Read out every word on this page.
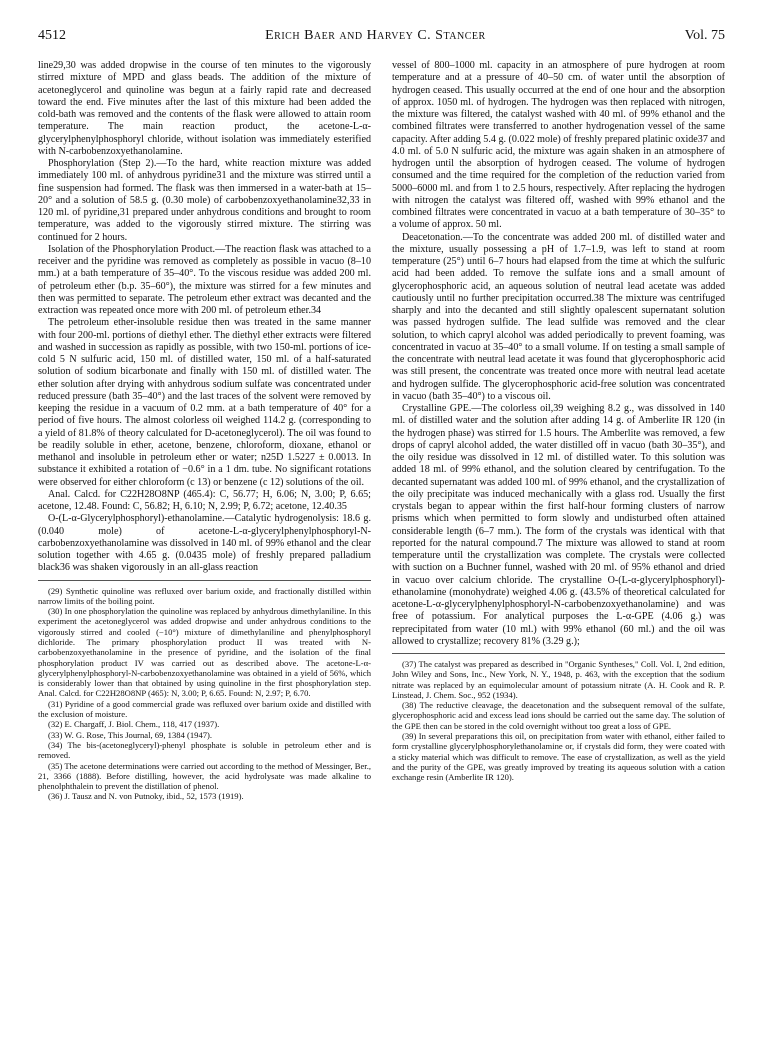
4512	Erich Baer and Harvey C. Stancer	Vol. 75

line29,30 was added dropwise in the course of ten minutes to the vigorously stirred mixture of MPD and glass beads. The addition of the mixture of acetoneglycerol and quinoline was begun at a fairly rapid rate and decreased toward the end. Five minutes after the last of this mixture had been added the cold-bath was removed and the contents of the flask were allowed to attain room temperature. The main reaction product, the acetone-L-α-glycerylphenylphosphoryl chloride, without isolation was immediately esterified with N-carbobenzoxyethanolamine.

Phosphorylation (Step 2).—To the hard, white reaction mixture was added immediately 100 ml. of anhydrous pyridine31 and the mixture was stirred until a fine suspension had formed. The flask was then immersed in a water-bath at 15–20° and a solution of 58.5 g. (0.30 mole) of carbobenzoxyethanolamine32,33 in 120 ml. of pyridine,31 prepared under anhydrous conditions and brought to room temperature, was added to the vigorously stirred mixture. The stirring was continued for 2 hours.

Isolation of the Phosphorylation Product.—The reaction flask was attached to a receiver and the pyridine was removed as completely as possible in vacuo (8–10 mm.) at a bath temperature of 35–40°. To the viscous residue was added 200 ml. of petroleum ether (b.p. 35–60°), the mixture was stirred for a few minutes and then was permitted to separate. The petroleum ether extract was decanted and the extraction was repeated once more with 200 ml. of petroleum ether.34

The petroleum ether-insoluble residue then was treated in the same manner with four 200-ml. portions of diethyl ether. The diethyl ether extracts were filtered and washed in succession as rapidly as possible, with two 150-ml. portions of ice-cold 5 N sulfuric acid, 150 ml. of distilled water, 150 ml. of a half-saturated solution of sodium bicarbonate and finally with 150 ml. of distilled water. The ether solution after drying with anhydrous sodium sulfate was concentrated under reduced pressure (bath 35–40°) and the last traces of the solvent were removed by keeping the residue in a vacuum of 0.2 mm. at a bath temperature of 40° for a period of five hours. The almost colorless oil weighed 114.2 g. (corresponding to a yield of 81.8% of theory calculated for D-acetoneglycerol). The oil was found to be readily soluble in ether, acetone, benzene, chloroform, dioxane, ethanol or methanol and insoluble in petroleum ether or water; n25D 1.5227 ± 0.0013. In substance it exhibited a rotation of −0.6° in a 1 dm. tube. No significant rotations were observed for either chloroform (c 13) or benzene (c 12) solutions of the oil.

Anal. Calcd. for C22H28O8NP (465.4): C, 56.77; H, 6.06; N, 3.00; P, 6.65; acetone, 12.48. Found: C, 56.82; H, 6.10; N, 2.99; P, 6.72; acetone, 12.40.35

O-(L-α-Glycerylphosphoryl)-ethanolamine.—Catalytic hydrogenolysis: 18.6 g. (0.040 mole) of acetone-L-α-glycerylphenylphosphoryl-N-carbobenzoxyethanolamine was dissolved in 140 ml. of 99% ethanol and the clear solution together with 4.65 g. (0.0435 mole) of freshly prepared palladium black36 was shaken vigorously in an all-glass reaction

(29) Synthetic quinoline was refluxed over barium oxide, and fractionally distilled within narrow limits of the boiling point.

(30) In one phosphorylation the quinoline was replaced by anhydrous dimethylaniline. In this experiment the acetoneglycerol was added dropwise and under anhydrous conditions to the vigorously stirred and cooled (−10°) mixture of dimethylaniline and phenylphosphoryl dichloride. The primary phosphorylation product II was treated with N-carbobenzoxyethanolamine in the presence of pyridine, and the isolation of the final phosphorylation product IV was carried out as described above. The acetone-L-α-glycerylphenylphosphoryl-N-carbobenzoxyethanolamine was obtained in a yield of 56%, which is considerably lower than that obtained by using quinoline in the first phosphorylation step. Anal. Calcd. for C22H28O8NP (465): N, 3.00; P, 6.65. Found: N, 2.97; P, 6.70.

(31) Pyridine of a good commercial grade was refluxed over barium oxide and distilled with the exclusion of moisture.

(32) E. Chargaff, J. Biol. Chem., 118, 417 (1937).

(33) W. G. Rose, This Journal, 69, 1384 (1947).

(34) The bis-(acetoneglyceryl)-phenyl phosphate is soluble in petroleum ether and is removed.

(35) The acetone determinations were carried out according to the method of Messinger, Ber., 21, 3366 (1888). Before distilling, however, the acid hydrolysate was made alkaline to phenolphthalein to prevent the distillation of phenol.

(36) J. Tausz and N. von Putnoky, ibid., 52, 1573 (1919).

vessel of 800–1000 ml. capacity in an atmosphere of pure hydrogen at room temperature and at a pressure of 40–50 cm. of water until the absorption of hydrogen ceased. This usually occurred at the end of one hour and the absorption of approx. 1050 ml. of hydrogen. The hydrogen was then replaced with nitrogen, the mixture was filtered, the catalyst washed with 40 ml. of 99% ethanol and the combined filtrates were transferred to another hydrogenation vessel of the same capacity. After adding 5.4 g. (0.022 mole) of freshly prepared platinic oxide37 and 4.0 ml. of 5.0 N sulfuric acid, the mixture was again shaken in an atmosphere of hydrogen until the absorption of hydrogen ceased. The volume of hydrogen consumed and the time required for the completion of the reduction varied from 5000–6000 ml. and from 1 to 2.5 hours, respectively. After replacing the hydrogen with nitrogen the catalyst was filtered off, washed with 99% ethanol and the combined filtrates were concentrated in vacuo at a bath temperature of 30–35° to a volume of approx. 50 ml.

Deacetonation.—To the concentrate was added 200 ml. of distilled water and the mixture, usually possessing a pH of 1.7–1.9, was left to stand at room temperature (25°) until 6–7 hours had elapsed from the time at which the sulfuric acid had been added. To remove the sulfate ions and a small amount of glycerophosphoric acid, an aqueous solution of neutral lead acetate was added cautiously until no further precipitation occurred.38 The mixture was centrifuged sharply and into the decanted and still slightly opalescent supernatant solution was passed hydrogen sulfide. The lead sulfide was removed and the clear solution, to which capryl alcohol was added periodically to prevent foaming, was concentrated in vacuo at 35–40° to a small volume. If on testing a small sample of the concentrate with neutral lead acetate it was found that glycerophosphoric acid was still present, the concentrate was treated once more with neutral lead acetate and hydrogen sulfide. The glycerophosphoric acid-free solution was concentrated in vacuo (bath 35–40°) to a viscous oil.

Crystalline GPE.—The colorless oil,39 weighing 8.2 g., was dissolved in 140 ml. of distilled water and the solution after adding 14 g. of Amberlite IR 120 (in the hydrogen phase) was stirred for 1.5 hours. The Amberlite was removed, a few drops of capryl alcohol added, the water distilled off in vacuo (bath 30–35°), and the oily residue was dissolved in 12 ml. of distilled water. To this solution was added 18 ml. of 99% ethanol, and the solution cleared by centrifugation. To the decanted supernatant was added 100 ml. of 99% ethanol, and the crystallization of the oily precipitate was induced mechanically with a glass rod. Usually the first crystals began to appear within the first half-hour forming clusters of narrow prisms which when permitted to form slowly and undisturbed often attained considerable length (6–7 mm.). The form of the crystals was identical with that reported for the natural compound.7 The mixture was allowed to stand at room temperature until the crystallization was complete. The crystals were collected with suction on a Buchner funnel, washed with 20 ml. of 95% ethanol and dried in vacuo over calcium chloride. The crystalline O-(L-α-glycerylphosphoryl)-ethanolamine (monohydrate) weighed 4.06 g. (43.5% of theoretical calculated for acetone-L-α-glycerylphenylphosphoryl-N-carbobenzoxyethanolamine) and was free of potassium. For analytical purposes the L-α-GPE (4.06 g.) was reprecipitated from water (10 ml.) with 99% ethanol (60 ml.) and the oil was allowed to crystallize; recovery 81% (3.29 g.);

(37) The catalyst was prepared as described in "Organic Syntheses," Coll. Vol. I, 2nd edition, John Wiley and Sons, Inc., New York, N. Y., 1948, p. 463, with the exception that the sodium nitrate was replaced by an equimolecular amount of potassium nitrate (A. H. Cook and R. P. Linstead, J. Chem. Soc., 952 (1934).

(38) The reductive cleavage, the deacetonation and the subsequent removal of the sulfate, glycerophosphoric acid and excess lead ions should be carried out the same day. The solution of the GPE then can be stored in the cold overnight without too great a loss of GPE.

(39) In several preparations this oil, on precipitation from water with ethanol, either failed to form crystalline glycerylphosphorylethanolamine or, if crystals did form, they were coated with a sticky material which was difficult to remove. The ease of crystallization, as well as the yield and the purity of the GPE, was greatly improved by treating its aqueous solution with a cation exchange resin (Amberlite IR 120).
